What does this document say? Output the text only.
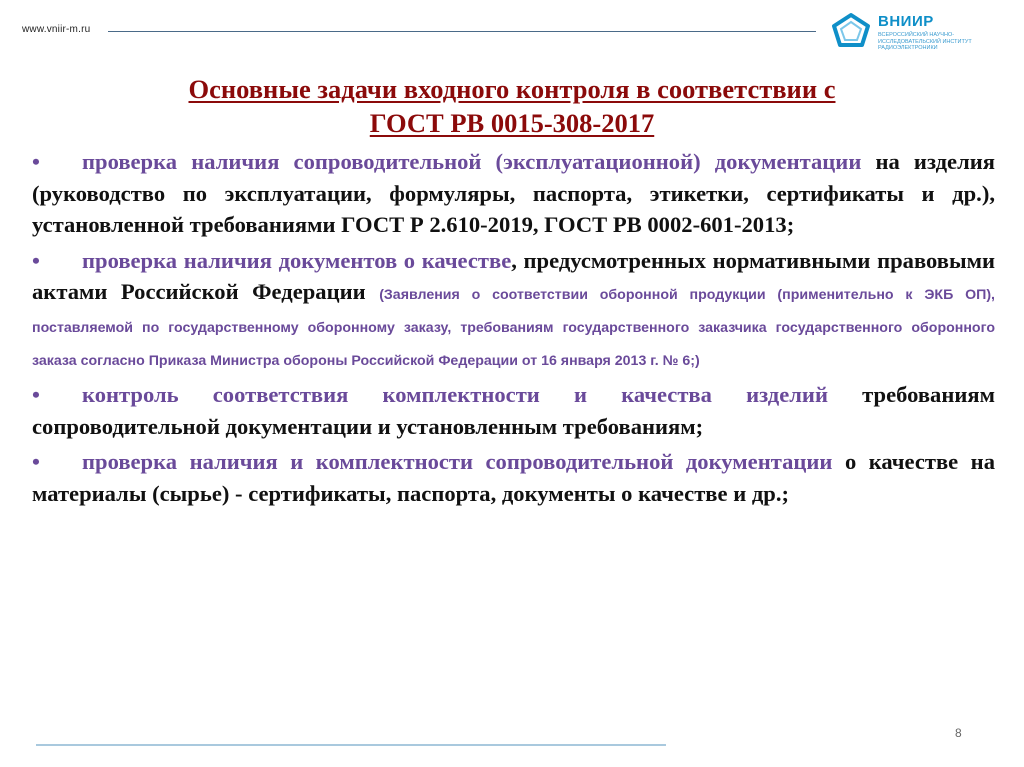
www.vniir-m.ru	ВНИИР
ВСЕРОССИЙСКИЙ НАУЧНО-ИССЛЕДОВАТЕЛЬСКИЙ ИНСТИТУТ РАДИОЭЛЕКТРОНИКИ
Основные задачи входного контроля в соответствии с
ГОСТ РВ 0015-308-2017

• проверка наличия сопроводительной (эксплуатационной) документации на изделия (руководство по эксплуатации, формуляры, паспорта, этикетки, сертификаты и др.), установленной требованиями ГОСТ Р 2.610-2019, ГОСТ РВ 0002-601-2013;

• проверка наличия документов о качестве, предусмотренных нормативными правовыми актами Российской Федерации (Заявления о соответствии оборонной продукции (применительно к ЭКБ ОП), поставляемой по государственному оборонному заказу, требованиям государственного заказчика государственного оборонного заказа согласно Приказа Министра обороны Российской Федерации от 16 января 2013 г. № 6;)

• контроль соответствия комплектности и качества изделий требованиям сопроводительной документации и установленным требованиям;

• проверка наличия и комплектности сопроводительной документации о качестве на материалы (сырье) - сертификаты, паспорта, документы о качестве и др.;

8
